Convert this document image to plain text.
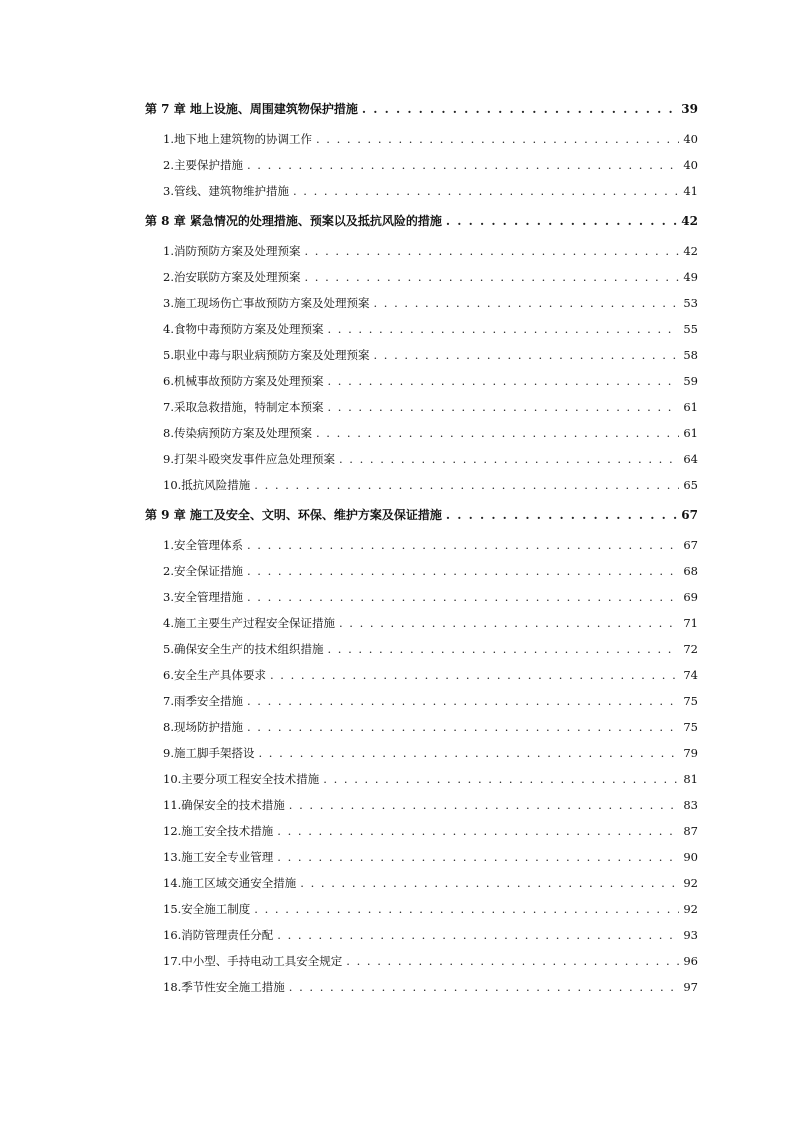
第 7 章 地上设施、周围建筑物保护措施 . . .	39
1.地下地上建筑物的协调工作 . . .	40
2.主要保护措施 . . .	40
3.管线、建筑物维护措施 . . .	41
第 8 章 紧急情况的处理措施、预案以及抵抗风险的措施 . . .	42
1.消防预防方案及处理预案 . . .	42
2.治安联防方案及处理预案 . . .	49
3.施工现场伤亡事故预防方案及处理预案 . . .	53
4.食物中毒预防方案及处理预案 . . .	55
5.职业中毒与职业病预防方案及处理预案 . . .	58
6.机械事故预防方案及处理预案 . . .	59
7.采取急救措施，特制定本预案 . . .	61
8.传染病预防方案及处理预案 . . .	61
9.打架斗殴突发事件应急处理预案 . . .	64
10.抵抗风险措施 . . .	65
第 9 章 施工及安全、文明、环保、维护方案及保证措施 . . .	67
1.安全管理体系 . . .	67
2.安全保证措施 . . .	68
3.安全管理措施 . . .	69
4.施工主要生产过程安全保证措施 . . .	71
5.确保安全生产的技术组织措施 . . .	72
6.安全生产具体要求 . . .	74
7.雨季安全措施 . . .	75
8.现场防护措施 . . .	75
9.施工脚手架搭设 . . .	79
10.主要分项工程安全技术措施 . . .	81
11.确保安全的技术措施 . . .	83
12.施工安全技术措施 . . .	87
13.施工安全专业管理 . . .	90
14.施工区域交通安全措施 . . .	92
15.安全施工制度 . . .	92
16.消防管理责任分配 . . .	93
17.中小型、手持电动工具安全规定 . . .	96
18.季节性安全施工措施 . . .	97
